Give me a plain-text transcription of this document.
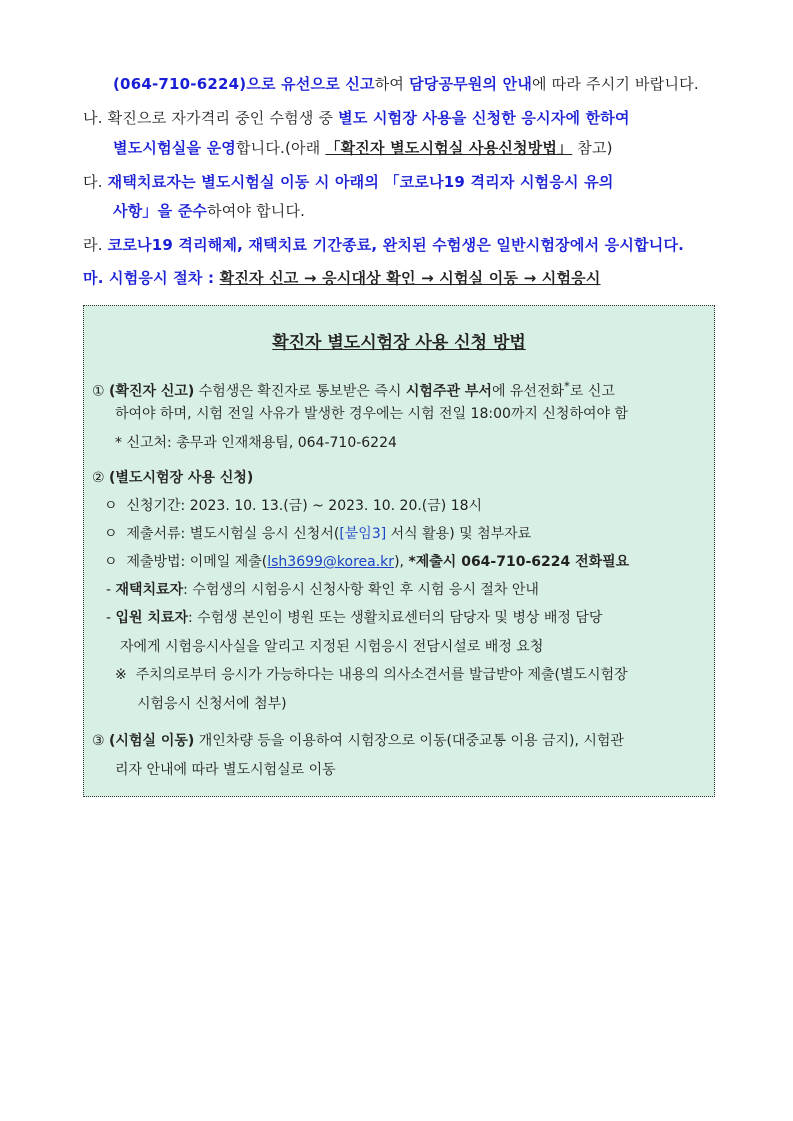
(064-710-6224)으로 유선으로 신고하여 담당공무원의 안내에 따라 주시기 바랍니다.
나. 확진으로 자가격리 중인 수험생 중 별도 시험장 사용을 신청한 응시자에 한하여
별도시험실을 운영합니다.(아래 「확진자 별도시험실 사용신청방법」 참고)
다. 재택치료자는 별도시험실 이동 시 아래의 「코로나19 격리자 시험응시 유의
사항」을 준수하여야 합니다.
라. 코로나19 격리해제, 재택치료 기간종료, 완치된 수험생은 일반시험장에서 응시합니다.
마. 시험응시 절차 : 확진자 신고 → 응시대상 확인 → 시험실 이동 → 시험응시
확진자 별도시험장 사용 신청 방법
① (확진자 신고) 수험생은 확진자로 통보받은 즉시 시험주관 부서에 유선전화*로 신고
하여야 하며, 시험 전일 사유가 발생한 경우에는 시험 전일 18:00까지 신청하여야 함
* 신고처: 총무과 인재채용팀, 064-710-6224
② (별도시험장 사용 신청)
ㅇ 신청기간: 2023. 10. 13.(금) ~ 2023. 10. 20.(금) 18시
ㅇ 제출서류: 별도시험실 응시 신청서([붙임3] 서식 활용) 및 첨부자료
ㅇ 제출방법: 이메일 제출(lsh3699@korea.kr), *제출시 064-710-6224 전화필요
- 재택치료자: 수험생의 시험응시 신청사항 확인 후 시험 응시 절차 안내
- 입원 치료자: 수험생 본인이 병원 또는 생활치료센터의 담당자 및 병상 배정 담당
자에게 시험응시사실을 알리고 지정된 시험응시 전담시설로 배정 요청
※ 주치의로부터 응시가 가능하다는 내용의 의사소견서를 발급받아 제출(별도시험장
시험응시 신청서에 첨부)
③ (시험실 이동) 개인차량 등을 이용하여 시험장으로 이동(대중교통 이용 금지), 시험관
리자 안내에 따라 별도시험실로 이동
